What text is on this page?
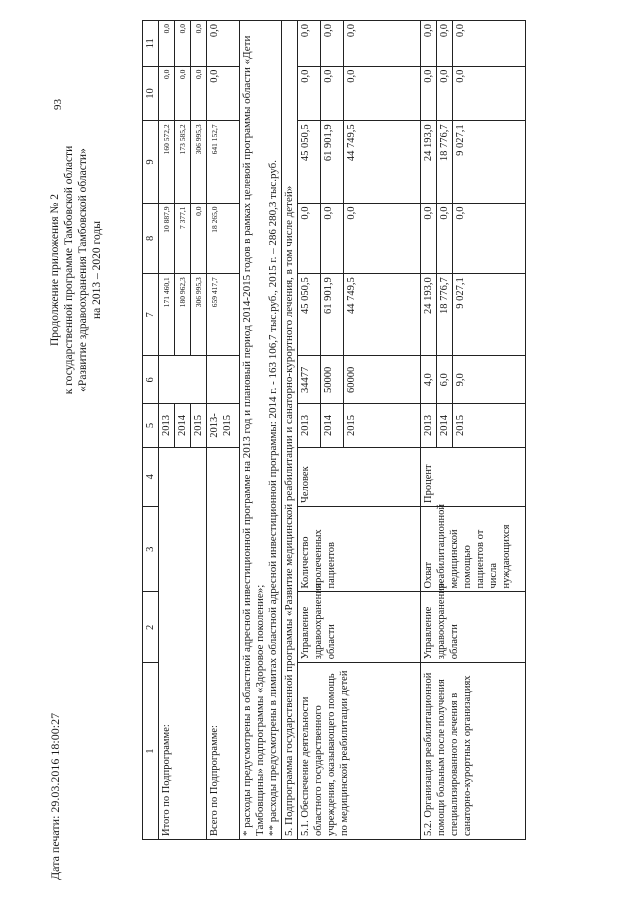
Дата печати: 29.03.2016 18:00:27
93
Продолжение приложения № 2 к государственной программе Тамбовской области «Развитие здравоохранения Тамбовской области» на 2013 – 2020 годы
1	2	3	4	5	6	7	8	9	10	11
Итого по Подпрограмме:				2013		171 460,1	10 887,9	160 572,2	0,0	0,0
				2014		180 962,3	7 377,1	173 585,2	0,0	0,0
				2015		306 995,3	0,0	306 995,3	0,0	0,0
Всего по Подпрограмме:				2013-2015		659 417,7	18 265,0	641 152,7	0,0	0,0

* расходы предусмотрены в областной адресной инвестиционной программе на 2013 год и плановый период 2014-2015 годов в рамках целевой программы области «Дети Тамбовщины» подпрограммы «Здоровое поколение»; ** расходы предусмотрены в лимитах областной адресной инвестиционной программы: 2014 г. - 163 106,7 тыс.руб., 2015 г. – 286 280,3 тыс.руб.										

5. Подпрограмма государственной программы «Развитие медицинской реабилитации и санаторно-курортного лечения, в том числе детей»										
5.1. Обеспечение деятельности областного государственного учреждения, оказывающего помощь по медицинской реабилитации детей	Управление здравоохранения области	Количество пролеченных пациентов	Человек	2013	34477	45 050,5	0,0	45 050,5	0,0	0,0
				2014	50000	61 901,9	0,0	61 901,9	0,0	0,0
				2015	60000	44 749,5	0,0	44 749,5	0,0	0,0
5.2. Организация реабилитационной помощи больным после получения специализированного лечения в санаторно-курортных организациях	Управление здравоохранения области	Охват реабилитационной медицинской помощью пациентов от числа нуждающихся	Процент	2013	4,0	24 193,0	0,0	24 193,0	0,0	0,0
				2014	6,0	18 776,7	0,0	18 776,7	0,0	0,0
				2015	9,0	9 027,1	0,0	9 027,1	0,0	0,0
